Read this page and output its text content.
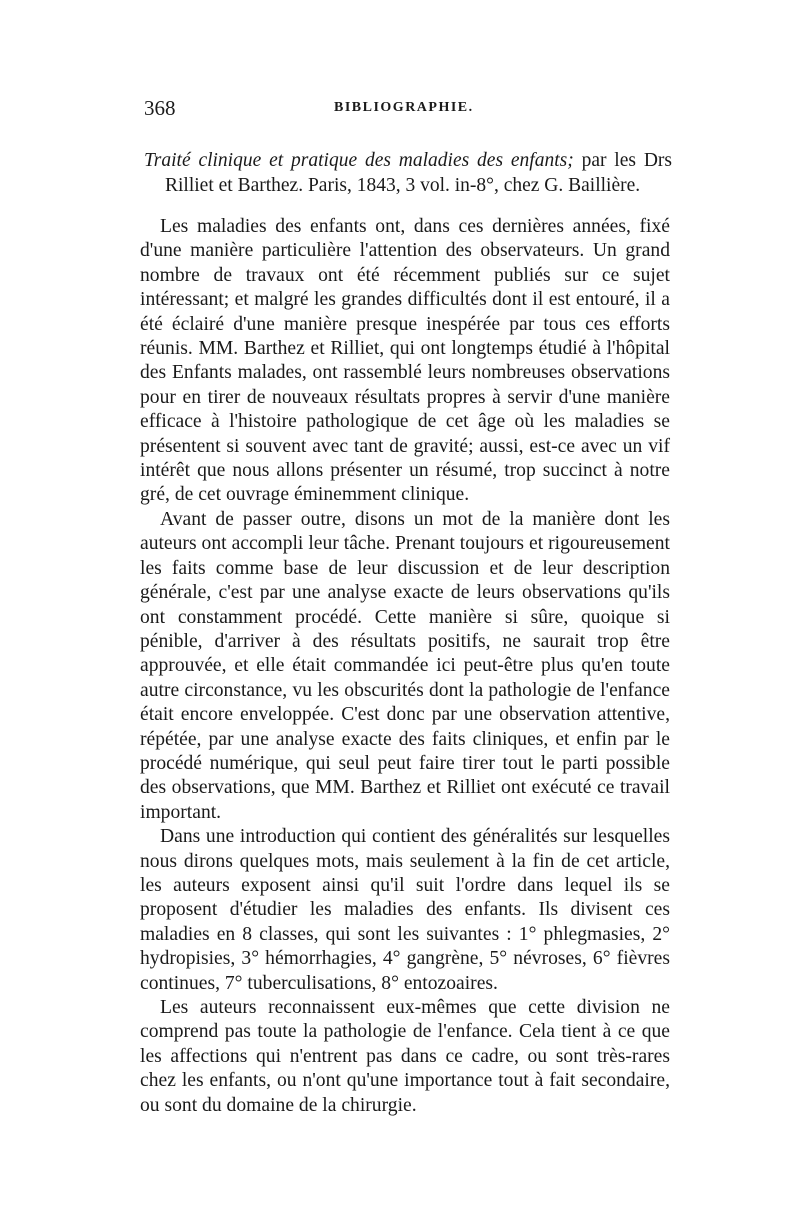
368	BIBLIOGRAPHIE.
Traité clinique et pratique des maladies des enfants; par les Drs Rilliet et Barthez. Paris, 1843, 3 vol. in-8°, chez G. Baillière.

Les maladies des enfants ont, dans ces dernières années, fixé d'une manière particulière l'attention des observateurs. Un grand nombre de travaux ont été récemment publiés sur ce sujet intéressant; et malgré les grandes difficultés dont il est entouré, il a été éclairé d'une manière presque inespérée par tous ces efforts réunis. MM. Barthez et Rilliet, qui ont longtemps étudié à l'hôpital des Enfants malades, ont rassemblé leurs nombreuses observations pour en tirer de nouveaux résultats propres à servir d'une manière efficace à l'histoire pathologique de cet âge où les maladies se présentent si souvent avec tant de gravité; aussi, est-ce avec un vif intérêt que nous allons présenter un résumé, trop succinct à notre gré, de cet ouvrage éminemment clinique.

Avant de passer outre, disons un mot de la manière dont les auteurs ont accompli leur tâche. Prenant toujours et rigoureusement les faits comme base de leur discussion et de leur description générale, c'est par une analyse exacte de leurs observations qu'ils ont constamment procédé. Cette manière si sûre, quoique si pénible, d'arriver à des résultats positifs, ne saurait trop être approuvée, et elle était commandée ici peut-être plus qu'en toute autre circonstance, vu les obscurités dont la pathologie de l'enfance était encore enveloppée. C'est donc par une observation attentive, répétée, par une analyse exacte des faits cliniques, et enfin par le procédé numérique, qui seul peut faire tirer tout le parti possible des observations, que MM. Barthez et Rilliet ont exécuté ce travail important.

Dans une introduction qui contient des généralités sur lesquelles nous dirons quelques mots, mais seulement à la fin de cet article, les auteurs exposent ainsi qu'il suit l'ordre dans lequel ils se proposent d'étudier les maladies des enfants. Ils divisent ces maladies en 8 classes, qui sont les suivantes : 1° phlegmasies, 2° hydropisies, 3° hémorrhagies, 4° gangrène, 5° névroses, 6° fièvres continues, 7° tuberculisations, 8° entozoaires.

Les auteurs reconnaissent eux-mêmes que cette division ne comprend pas toute la pathologie de l'enfance. Cela tient à ce que les affections qui n'entrent pas dans ce cadre, ou sont très-rares chez les enfants, ou n'ont qu'une importance tout à fait secondaire, ou sont du domaine de la chirurgie.
